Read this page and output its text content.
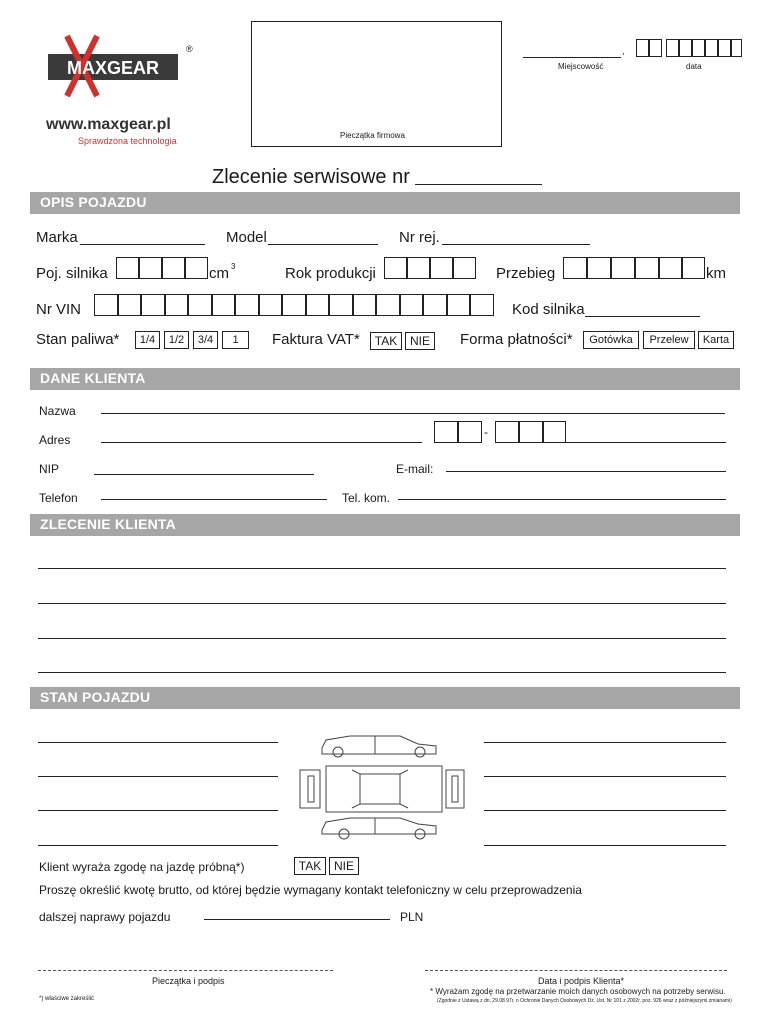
MAXGEAR
®
www.maxgear.pl
Sprawdzona technologia
Pieczątka firmowa
,
Miejscowość	data
Zlecenie serwisowe nr
OPIS POJAZDU
Marka	Model	Nr rej.
Poj. silnika	cm 3	Rok produkcji	Przebieg	km
Nr VIN	Kod silnika
Stan paliwa*	1/4	1/2	3/4	1	Faktura VAT*	TAK	NIE	Forma płatności*	Gotówka	Przelew	Karta
DANE KLIENTA
Nazwa
Adres
-
NIP	E-mail:
Telefon	Tel. kom.
ZLECENIE KLIENTA
STAN POJAZDU
Klient wyraża zgodę na jazdę próbną*)	TAK	NIE
Proszę określić kwotę brutto, od której będzie wymagany kontakt telefoniczny w celu przeprowadzenia
dalszej naprawy pojazdu	PLN
Pieczątka i podpis	Data i podpis Klienta*
* Wyrażam zgodę na przetwarzanie moich danych osobowych na potrzeby serwisu.
(Zgodnie z Ustawą z dn. 29.08.97r. o Ochronie Danych Osobowych Dz. Ust. Nr 101 z 2002r. poz. 926 wraz z późniejszymi zmianami)
*) właściwe zakreślić
